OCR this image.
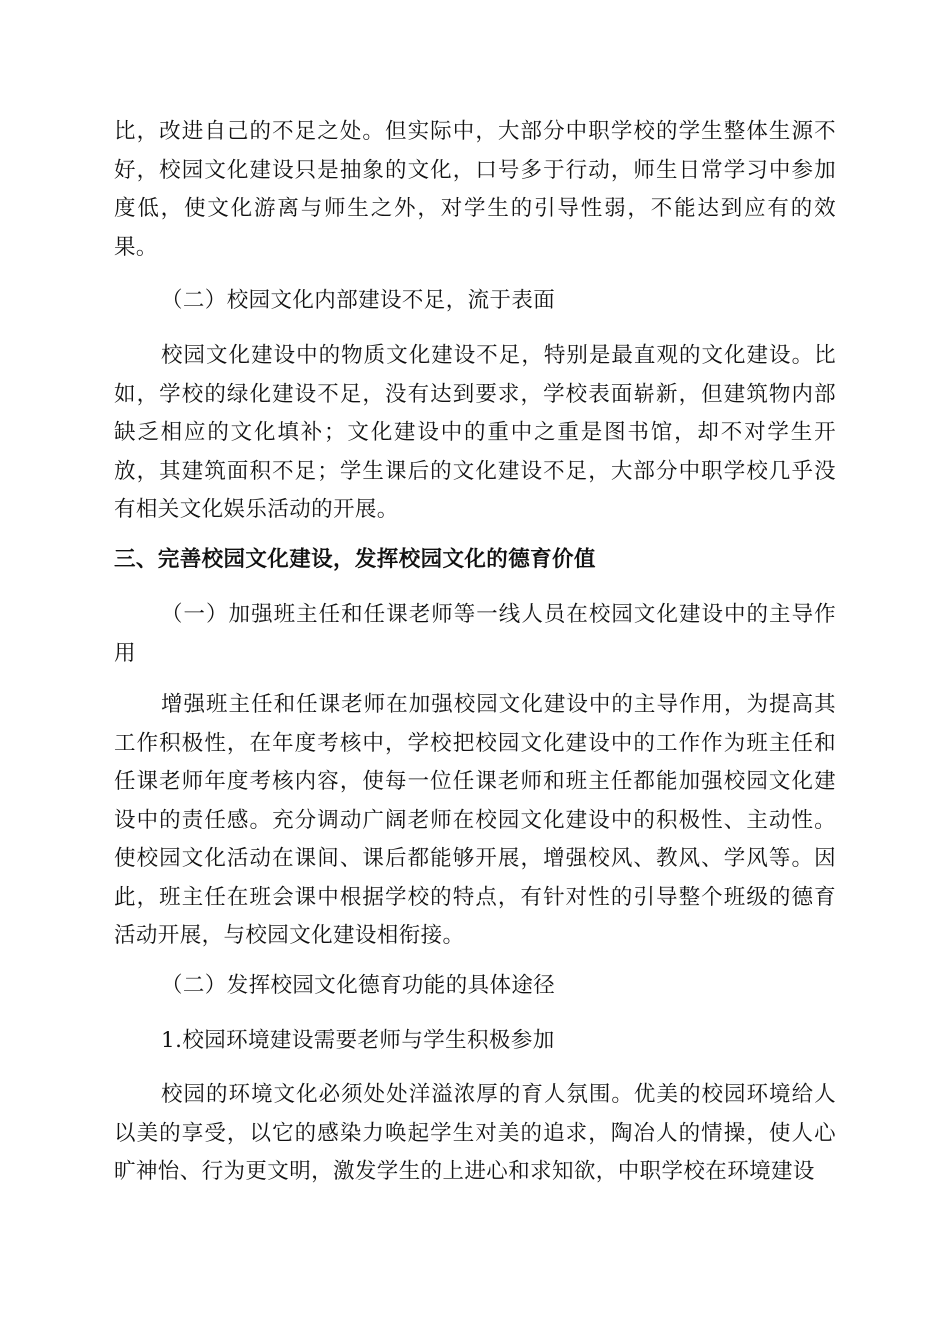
比，改进自己的不足之处。但实际中，大部分中职学校的学生整体生源不好，校园文化建设只是抽象的文化，口号多于行动，师生日常学习中参加度低，使文化游离与师生之外，对学生的引导性弱，不能达到应有的效果。

（二）校园文化内部建设不足，流于表面

校园文化建设中的物质文化建设不足，特别是最直观的文化建设。比如，学校的绿化建设不足，没有达到要求，学校表面崭新，但建筑物内部缺乏相应的文化填补；文化建设中的重中之重是图书馆，却不对学生开放，其建筑面积不足；学生课后的文化建设不足，大部分中职学校几乎没有相关文化娱乐活动的开展。

三、完善校园文化建设，发挥校园文化的德育价值

（一）加强班主任和任课老师等一线人员在校园文化建设中的主导作用

增强班主任和任课老师在加强校园文化建设中的主导作用，为提高其工作积极性，在年度考核中，学校把校园文化建设中的工作作为班主任和任课老师年度考核内容，使每一位任课老师和班主任都能加强校园文化建设中的责任感。充分调动广阔老师在校园文化建设中的积极性、主动性。使校园文化活动在课间、课后都能够开展，增强校风、教风、学风等。因此，班主任在班会课中根据学校的特点，有针对性的引导整个班级的德育活动开展，与校园文化建设相衔接。

（二）发挥校园文化德育功能的具体途径

1.校园环境建设需要老师与学生积极参加

校园的环境文化必须处处洋溢浓厚的育人氛围。优美的校园环境给人以美的享受，以它的感染力唤起学生对美的追求，陶冶人的情操，使人心旷神怡、行为更文明，激发学生的上进心和求知欲，中职学校在环境建设
